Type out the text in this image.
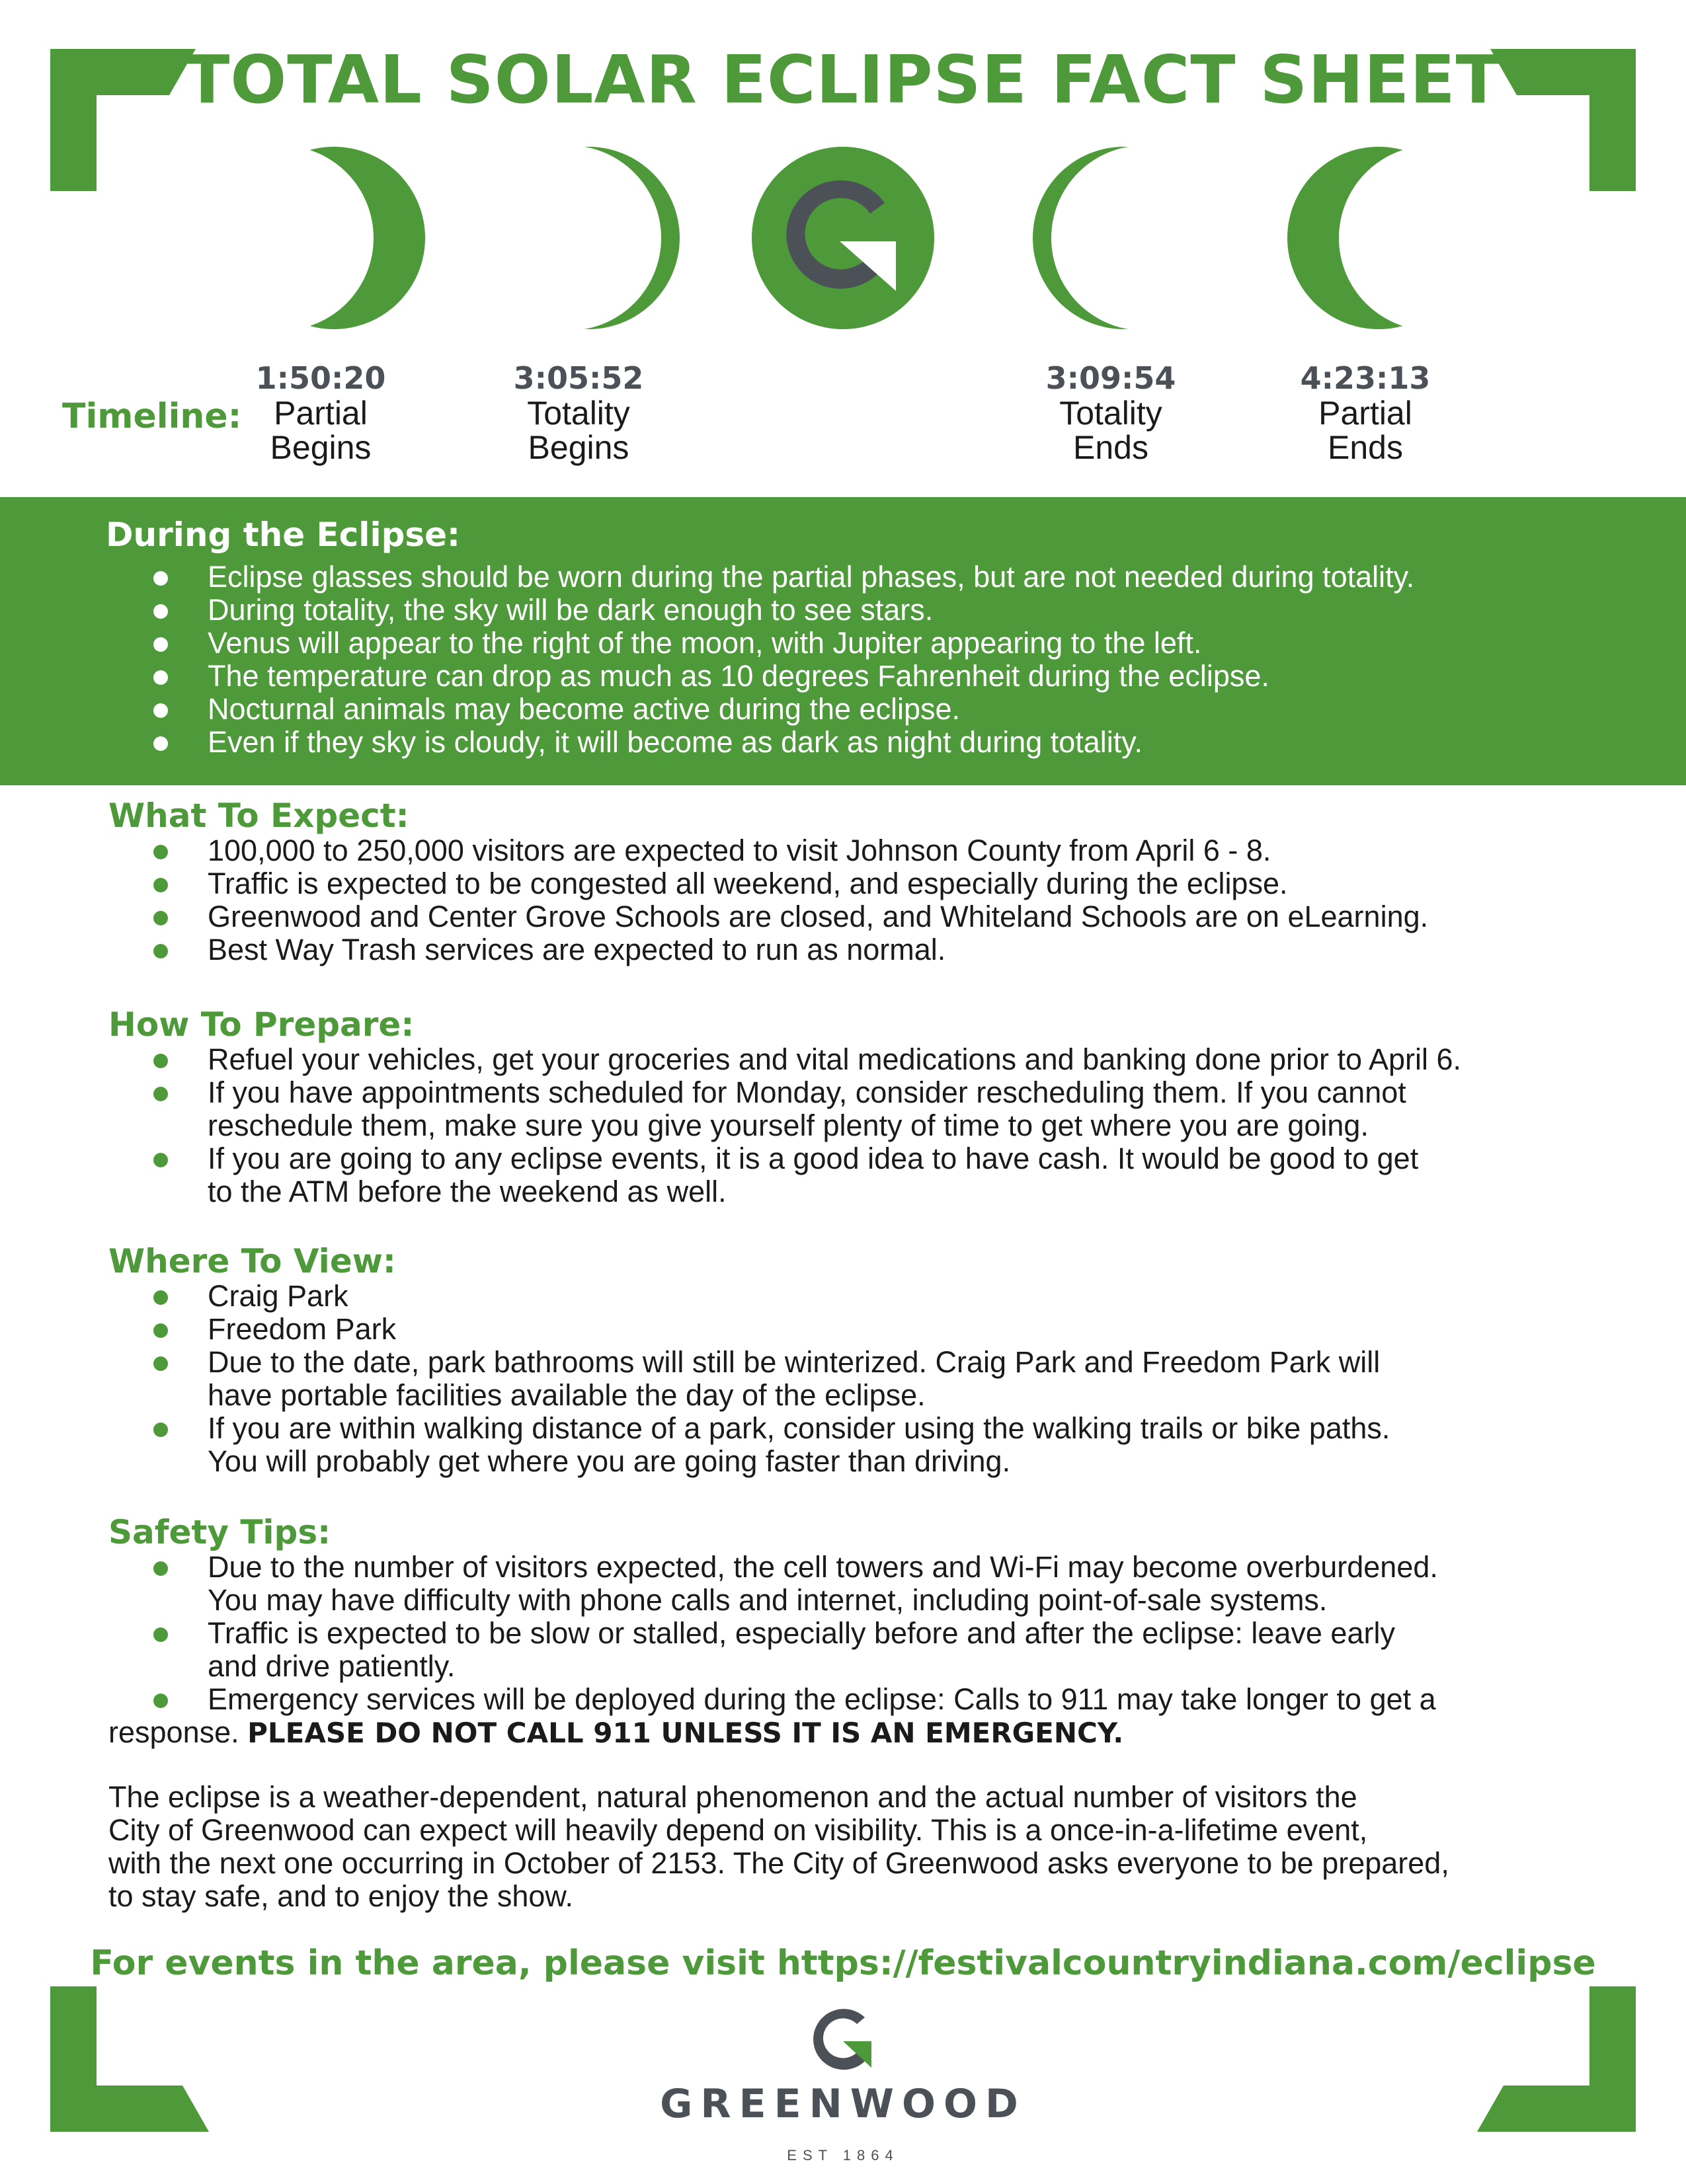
TOTAL SOLAR ECLIPSE FACT SHEET
Timeline:
1:50:20
Partial
Begins
3:05:52
Totality
Begins
3:09:54
Totality
Ends
4:23:13
Partial
Ends
During the Eclipse:
Eclipse glasses should be worn during the partial phases, but are not needed during totality.
During totality, the sky will be dark enough to see stars.
Venus will appear to the right of the moon, with Jupiter appearing to the left.
The temperature can drop as much as 10 degrees Fahrenheit during the eclipse.
Nocturnal animals may become active during the eclipse.
Even if they sky is cloudy, it will become as dark as night during totality.
What To Expect:
100,000 to 250,000 visitors are expected to visit Johnson County from April 6 - 8.
Traffic is expected to be congested all weekend, and especially during the eclipse.
Greenwood and Center Grove Schools are closed, and Whiteland Schools are on eLearning.
Best Way Trash services are expected to run as normal.
How To Prepare:
Refuel your vehicles, get your groceries and vital medications and banking done prior to April 6.
If you have appointments scheduled for Monday, consider rescheduling them. If you cannot
reschedule them, make sure you give yourself plenty of time to get where you are going.
If you are going to any eclipse events, it is a good idea to have cash. It would be good to get
to the ATM before the weekend as well.
Where To View:
Craig Park
Freedom Park
Due to the date, park bathrooms will still be winterized. Craig Park and Freedom Park will
have portable facilities available the day of the eclipse.
If you are within walking distance of a park, consider using the walking trails or bike paths.
You will probably get where you are going faster than driving.
Safety Tips:
Due to the number of visitors expected, the cell towers and Wi-Fi may become overburdened.
You may have difficulty with phone calls and internet, including point-of-sale systems.
Traffic is expected to be slow or stalled, especially before and after the eclipse: leave early
and drive patiently.
Emergency services will be deployed during the eclipse: Calls to 911 may take longer to get a
response. PLEASE DO NOT CALL 911 UNLESS IT IS AN EMERGENCY.
The eclipse is a weather-dependent, natural phenomenon and the actual number of visitors the
City of Greenwood can expect will heavily depend on visibility. This is a once-in-a-lifetime event,
with the next one occurring in October of 2153. The City of Greenwood asks everyone to be prepared,
to stay safe, and to enjoy the show.
For events in the area, please visit https://festivalcountryindiana.com/eclipse
GREENWOOD
EST 1864
